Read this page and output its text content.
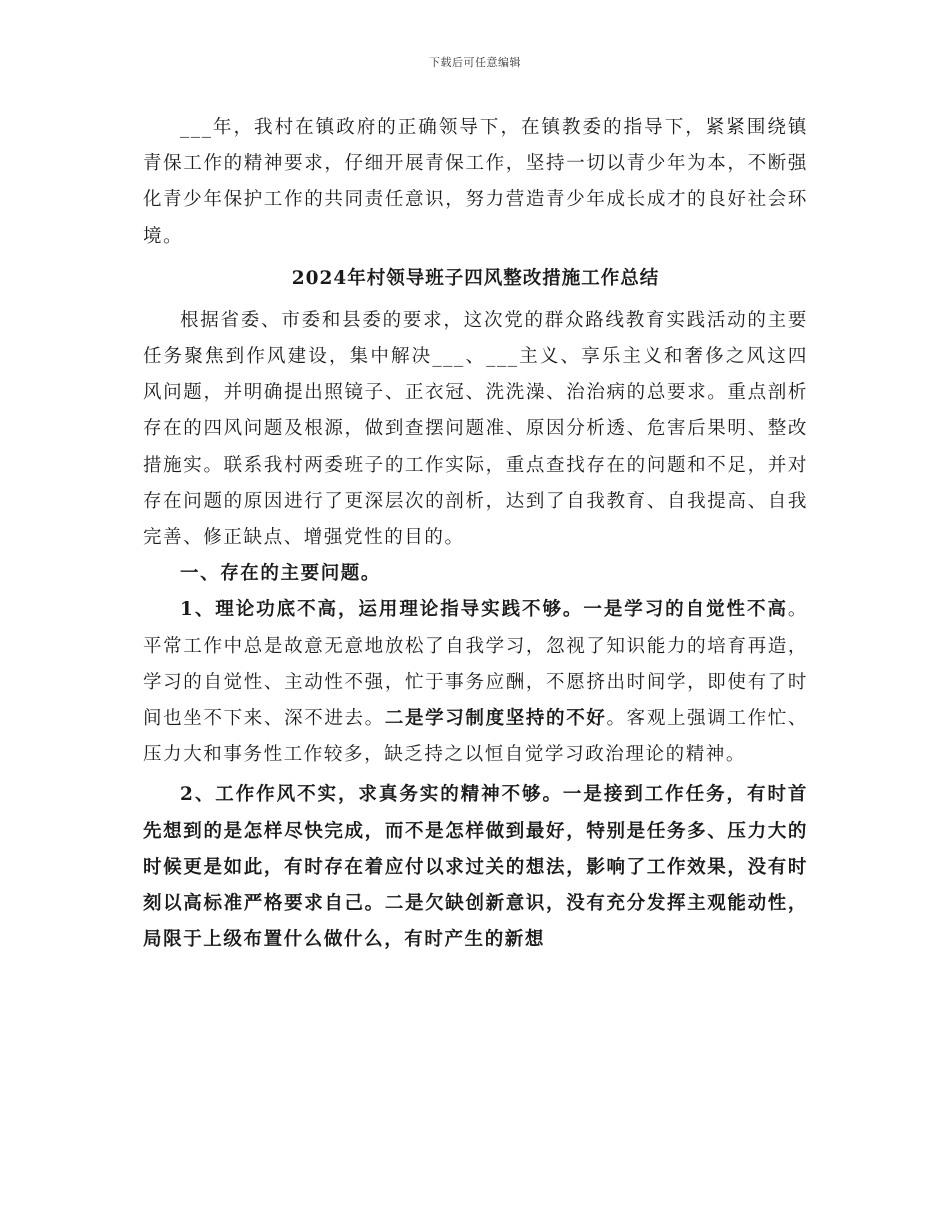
下载后可任意编辑

___年，我村在镇政府的正确领导下，在镇教委的指导下，紧紧围绕镇青保工作的精神要求，仔细开展青保工作，坚持一切以青少年为本，不断强化青少年保护工作的共同责任意识，努力营造青少年成长成才的良好社会环境。

2024年村领导班子四风整改措施工作总结

根据省委、市委和县委的要求，这次党的群众路线教育实践活动的主要任务聚焦到作风建设，集中解决___、___主义、享乐主义和奢侈之风这四风问题，并明确提出照镜子、正衣冠、洗洗澡、治治病的总要求。重点剖析存在的四风问题及根源，做到查摆问题准、原因分析透、危害后果明、整改措施实。联系我村两委班子的工作实际，重点查找存在的问题和不足，并对存在问题的原因进行了更深层次的剖析，达到了自我教育、自我提高、自我完善、修正缺点、增强党性的目的。

一、存在的主要问题。

1、理论功底不高，运用理论指导实践不够。一是学习的自觉性不高。平常工作中总是故意无意地放松了自我学习，忽视了知识能力的培育再造，学习的自觉性、主动性不强，忙于事务应酬，不愿挤出时间学，即使有了时间也坐不下来、深不进去。二是学习制度坚持的不好。客观上强调工作忙、压力大和事务性工作较多，缺乏持之以恒自觉学习政治理论的精神。

2、工作作风不实，求真务实的精神不够。一是接到工作任务，有时首先想到的是怎样尽快完成，而不是怎样做到最好，特别是任务多、压力大的时候更是如此，有时存在着应付以求过关的想法，影响了工作效果，没有时刻以高标准严格要求自己。二是欠缺创新意识，没有充分发挥主观能动性，局限于上级布置什么做什么，有时产生的新想
